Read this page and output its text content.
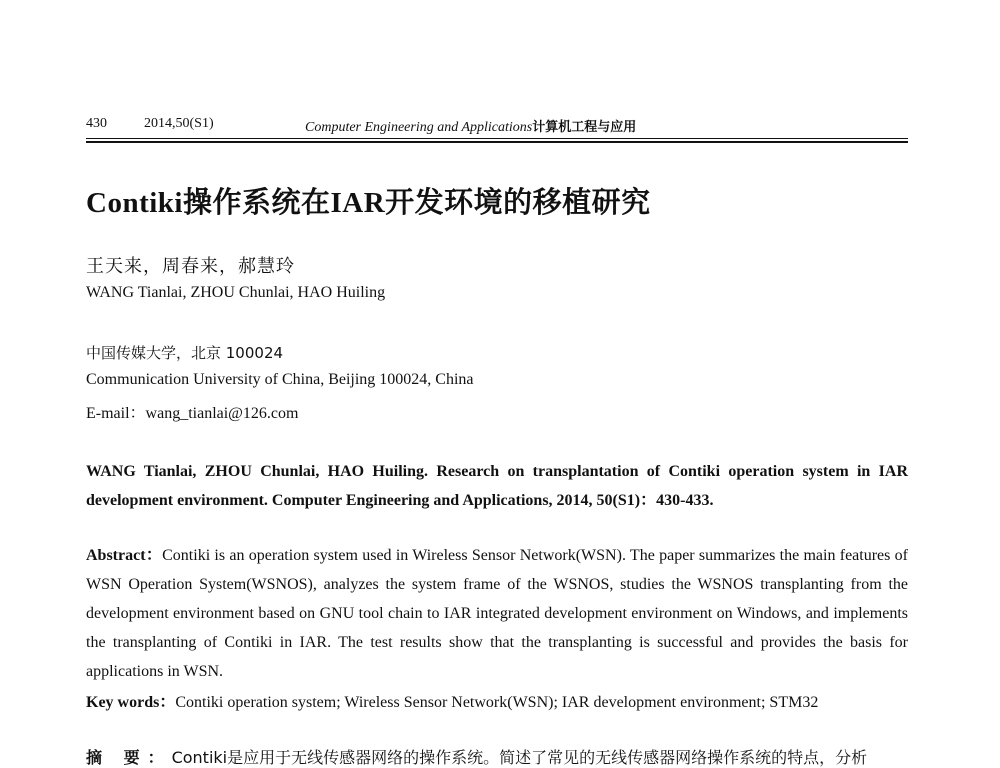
430	2014,50(S1)	Computer Engineering and Applications计算机工程与应用
Contiki操作系统在IAR开发环境的移植研究
王天来，周春来，郝慧玲
WANG Tianlai, ZHOU Chunlai, HAO Huiling
中国传媒大学，北京 100024
Communication University of China, Beijing 100024, China
E-mail：wang_tianlai@126.com
WANG Tianlai, ZHOU Chunlai, HAO Huiling. Research on transplantation of Contiki operation system in IAR development environment. Computer Engineering and Applications, 2014, 50(S1)：430-433.
Abstract：Contiki is an operation system used in Wireless Sensor Network(WSN). The paper summarizes the main features of WSN Operation System(WSNOS), analyzes the system frame of the WSNOS, studies the WSNOS transplanting from the development environment based on GNU tool chain to IAR integrated development environment on Windows, and implements the transplanting of Contiki in IAR. The test results show that the transplanting is successful and provides the basis for applications in WSN.
Key words：Contiki operation system; Wireless Sensor Network(WSN); IAR development environment; STM32
摘 要：Contiki是应用于无线传感器网络的操作系统。简述了常见的无线传感器网络操作系统的特点，分析
